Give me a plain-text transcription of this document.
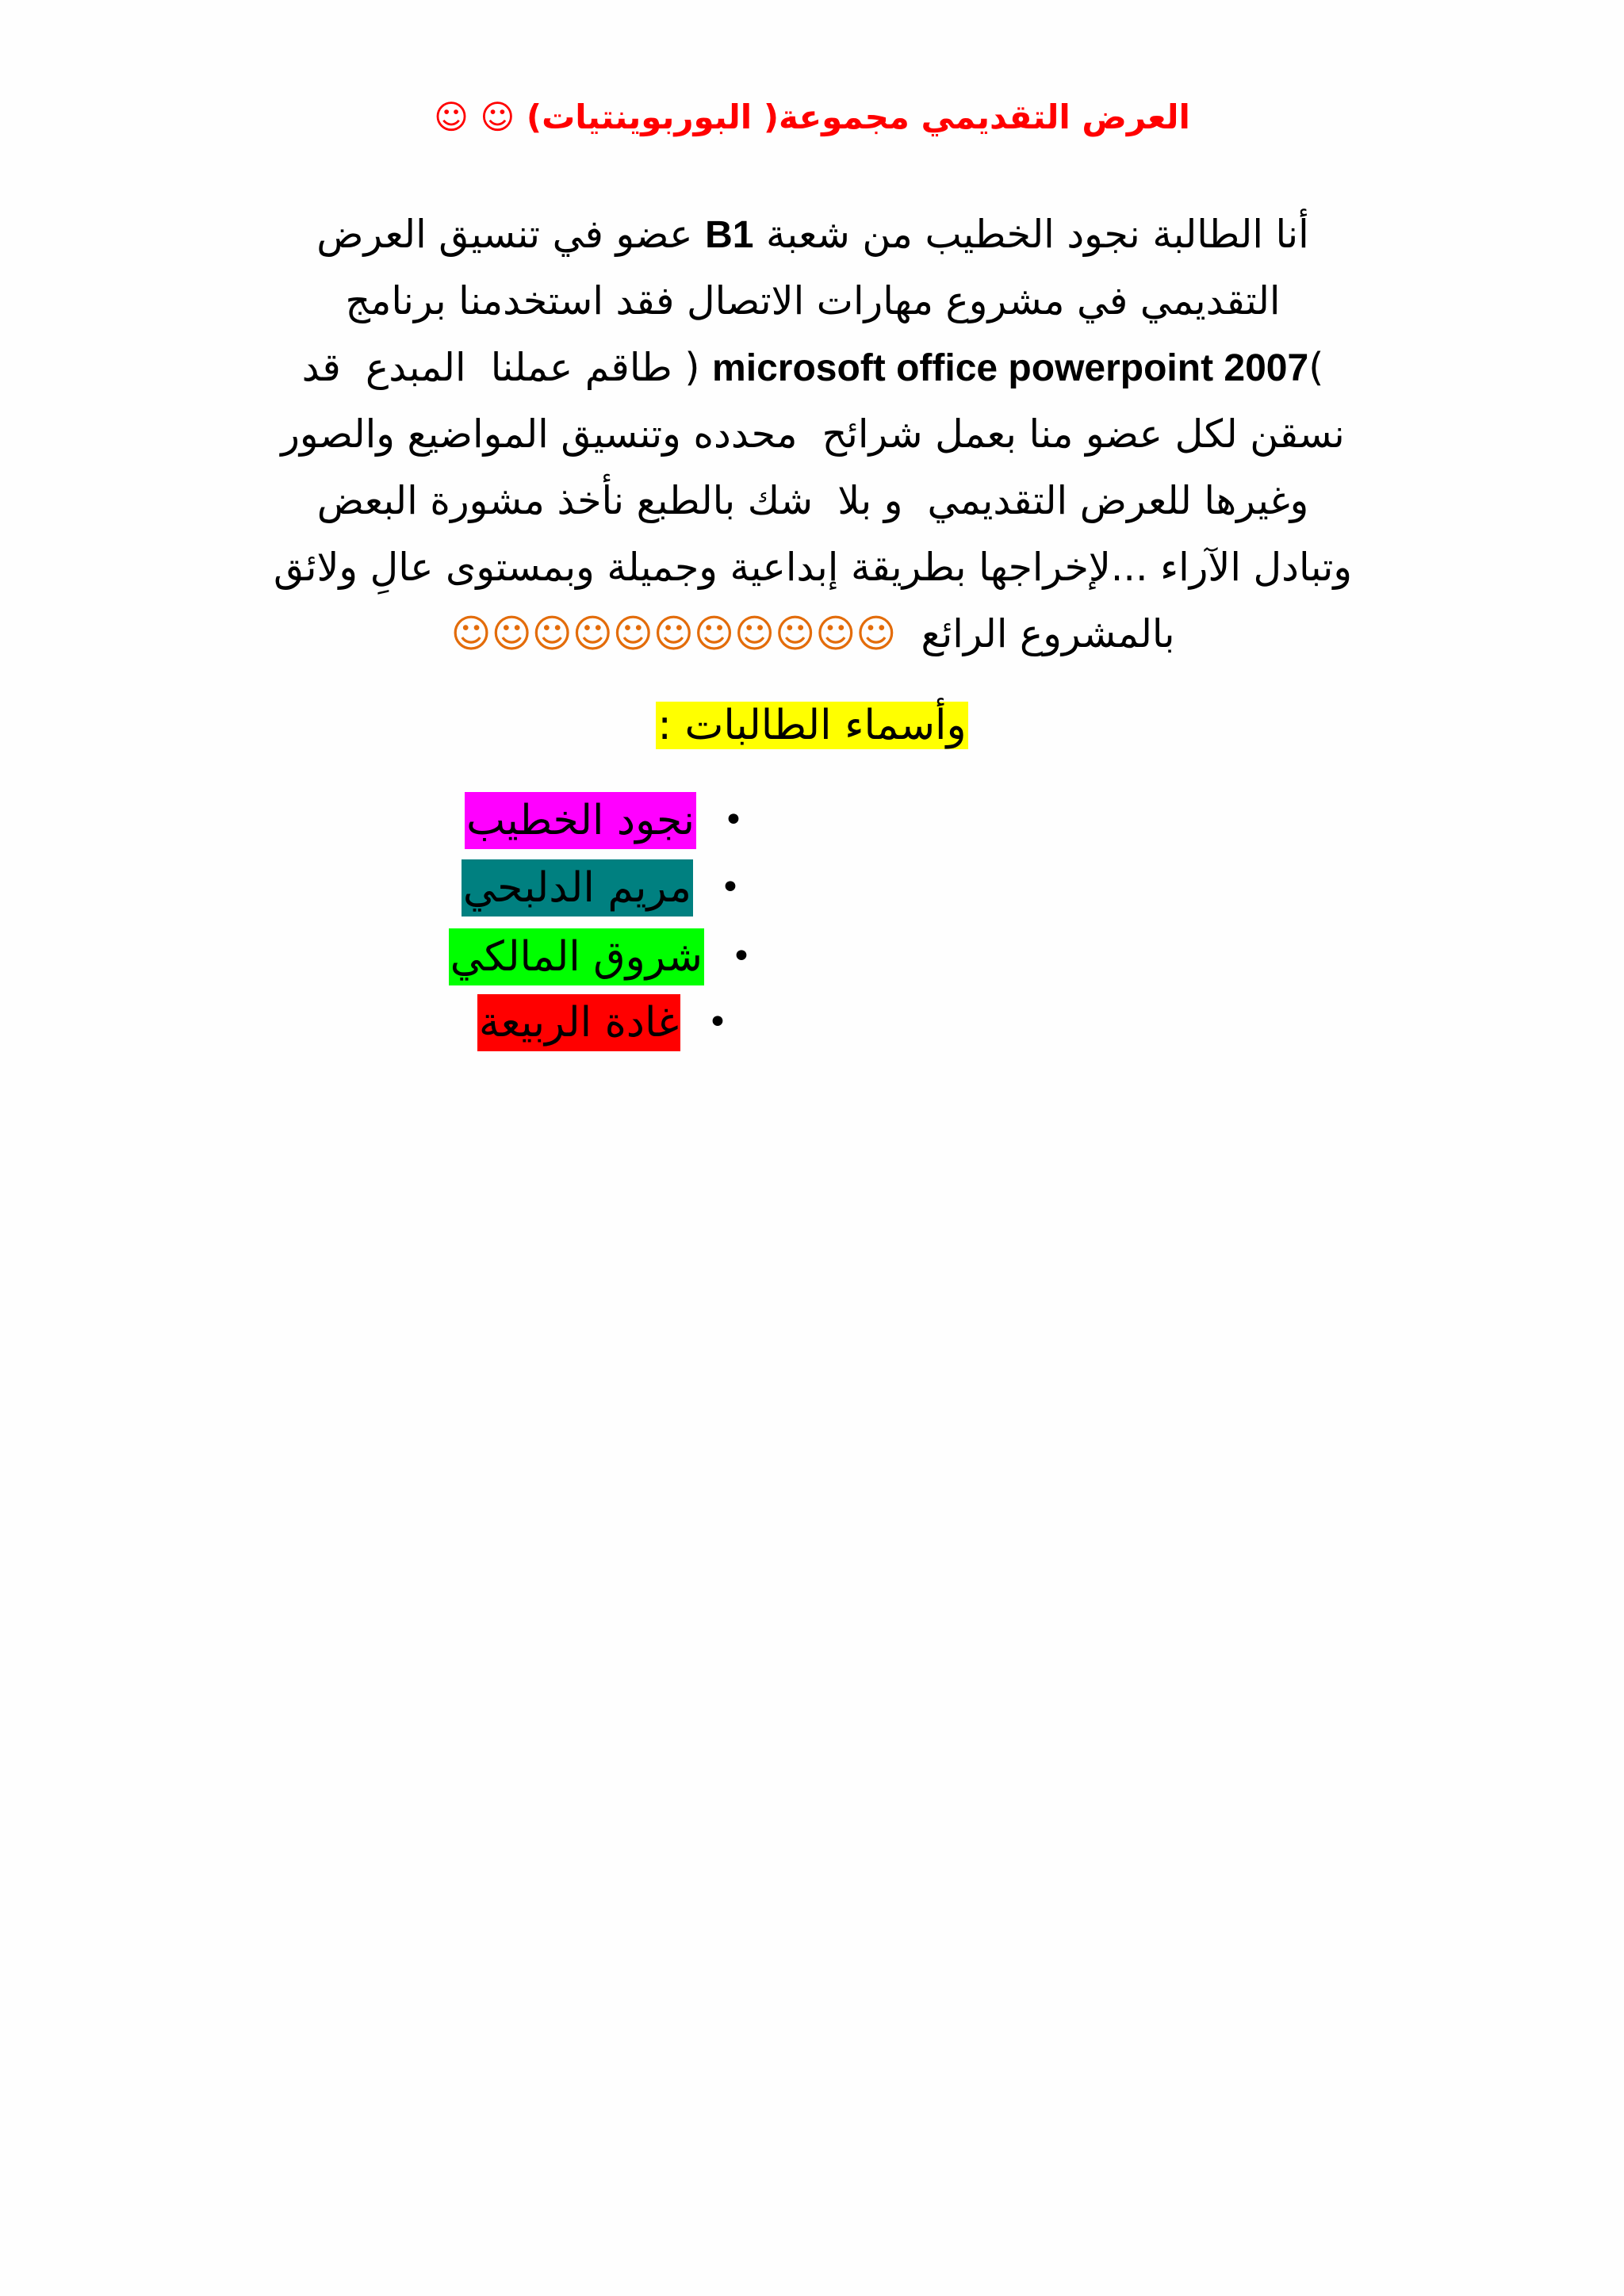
العرض التقديمي مجموعة( البوربوينتيات) ☺ ☺
أنا الطالبة نجود الخطيب من شعبة B1 عضو في تنسيق العرض
التقديمي في مشروع مهارات الاتصال فقد استخدمنا برنامج
)microsoft office powerpoint 2007 ( طاقم عملنا  المبدع  قد
نسقن لكل عضو منا بعمل شرائح  محدده وتنسيق المواضيع والصور
وغيرها للعرض التقديمي  و بلا  شك بالطبع نأخذ مشورة البعض
وتبادل الآراء ...لإخراجها بطريقة إبداعية وجميلة وبمستوى عالِ ولائق
بالمشروع الرائع  ☺☺☺☺☺☺☺☺☺☺☺
وأسماء الطالبات :
•
نجود الخطيب
•
مريم الدلبحي
•
شروق المالكي
•
غادة الربيعة
